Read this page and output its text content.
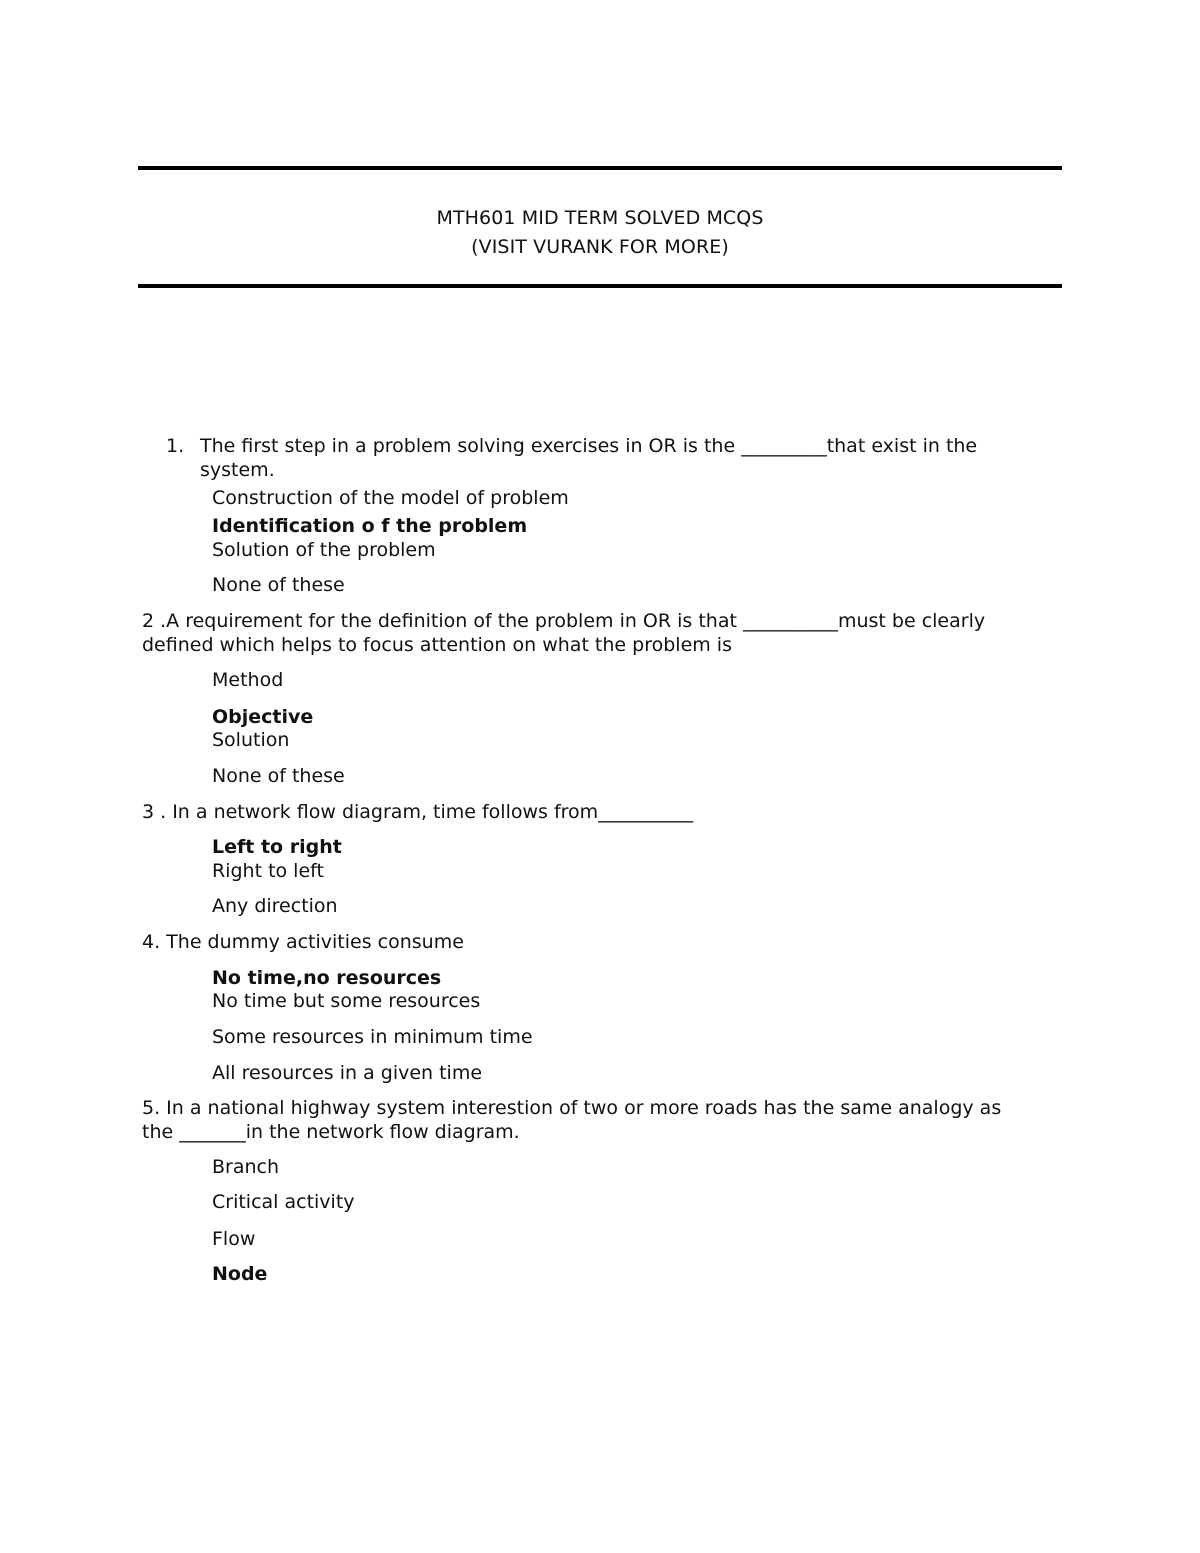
MTH601 MID TERM SOLVED MCQS
(VISIT VURANK FOR MORE)
1. The first step in a problem solving exercises in OR is the _________that exist in the

system.

Construction of the model of problem

Identification o f the problem

Solution of the problem

None of these

2 .A requirement for the definition of the problem in OR is that __________must be clearly

defined which helps to focus attention on what the problem is

Method

Objective

Solution

None of these

3 . In a network flow diagram, time follows from__________

Left to right

Right to left

Any direction

4. The dummy activities consume

No time,no resources

No time but some resources

Some resources in minimum time

All resources in a given time

5. In a national highway system interestion of two or more roads has the same analogy as

the _______in the network flow diagram.

Branch

Critical activity

Flow

Node
